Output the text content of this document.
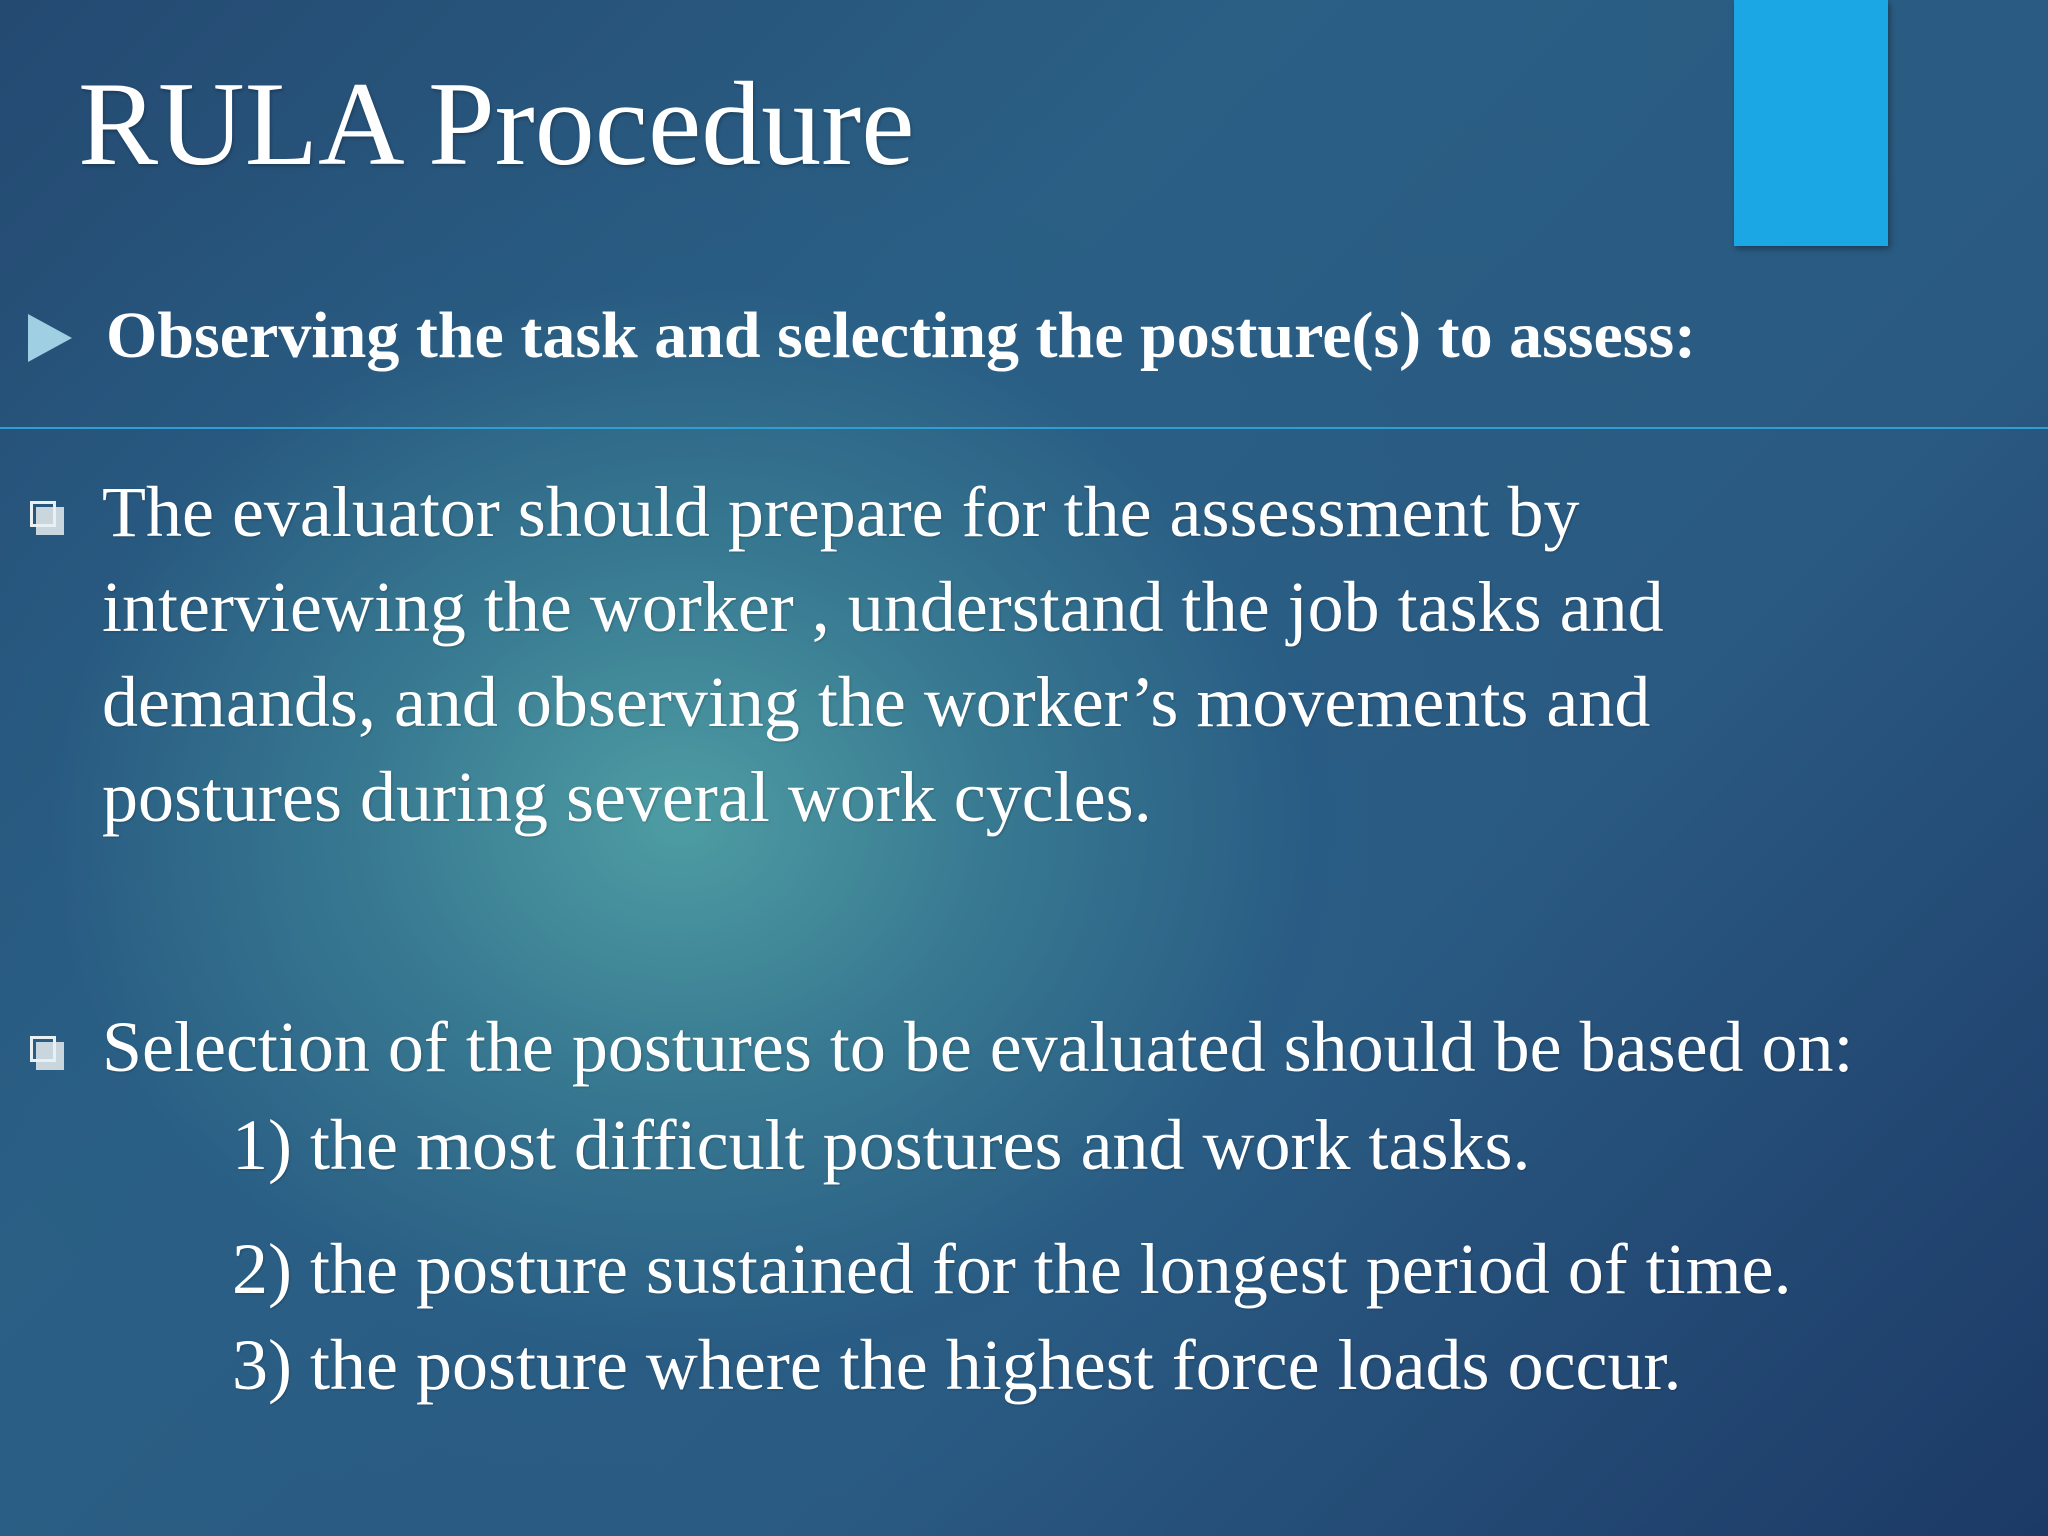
RULA Procedure
Observing the task and selecting the posture(s) to assess:
The evaluator should prepare for the assessment by interviewing the worker , understand the job tasks and demands, and observing the worker’s movements and postures during several work cycles.
Selection of the postures to be evaluated should be based on:
1) the most difficult postures and work tasks.
2) the posture sustained for the longest period of time.
3) the posture where the highest force loads occur.
